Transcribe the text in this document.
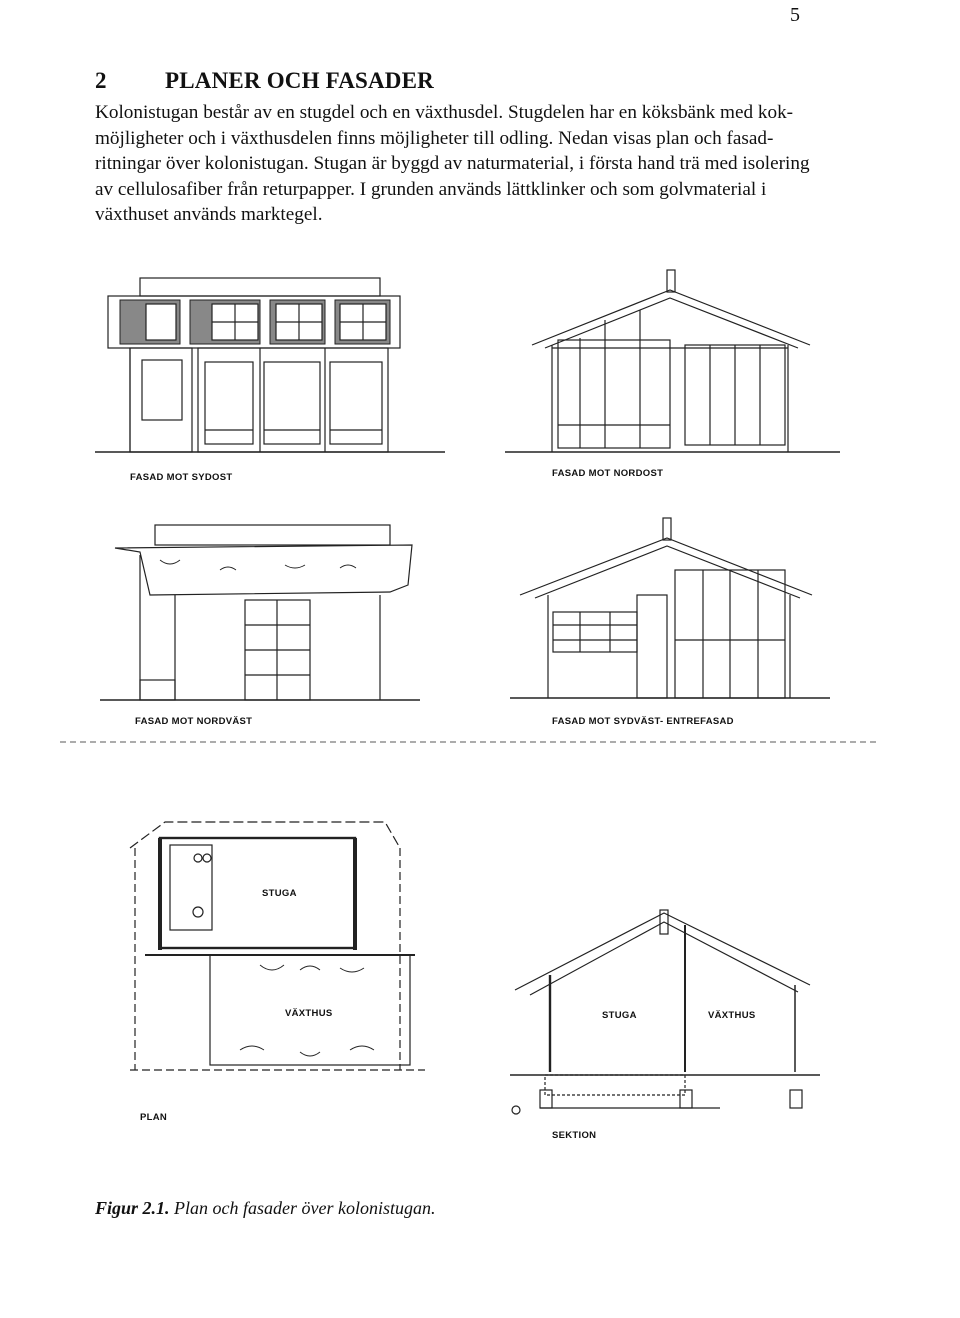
5
2	PLANER OCH FASADER

Kolonistugan består av en stugdel och en växthusdel. Stugdelen har en köksbänk med kok-
möjligheter och i växthusdelen finns möjligheter till odling. Nedan visas plan och fasad-
ritningar över kolonistugan. Stugan är byggd av naturmaterial, i första hand trä med isolering
av cellulosafiber från returpapper. I grunden används lättklinker och som golvmaterial i
växthuset används marktegel.

FASAD MOT SYDOST	FASAD MOT NORDOST
FASAD MOT NORDVÄST	FASAD MOT SYDVÄST- ENTREFASAD
STUGA
VÄXTHUS
PLAN
STUGA	VÄXTHUS
SEKTION
Figur 2.1. Plan och fasader över kolonistugan.
